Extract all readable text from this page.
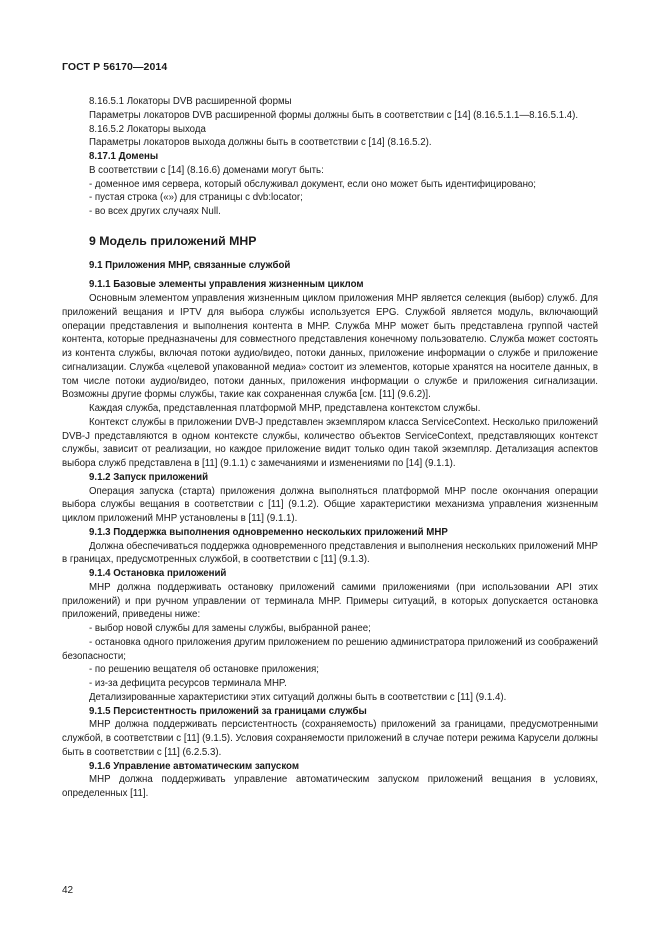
ГОСТ Р 56170—2014

8.16.5.1 Локаторы DVB расширенной формы

Параметры локаторов DVB расширенной формы должны быть в соответствии с [14] (8.16.5.1.1—8.16.5.1.4).

8.16.5.2 Локаторы выхода

Параметры локаторов выхода должны быть в соответствии с [14] (8.16.5.2).

8.17.1 Домены

В соответствии с [14] (8.16.6) доменами могут быть:

- доменное имя сервера, который обслуживал документ, если оно может быть идентифицировано;

- пустая строка («») для страницы с dvb:locator;

- во всех других случаях Null.

9 Модель приложений MHP

9.1 Приложения MHP, связанные службой

9.1.1 Базовые элементы управления жизненным циклом

Основным элементом управления жизненным циклом приложения MHP является селекция (выбор) служб. Для приложений вещания и IPTV для выбора службы используется EPG. Службой является модуль, включающий операции представления и выполнения контента в MHP. Служба MHP может быть представлена группой частей контента, которые предназначены для совместного представления конечному пользователю. Служба может состоять из контента службы, включая потоки аудио/видео, потоки данных, приложение информации о службе и приложение сигнализации. Служба «целевой упакованной медиа» состоит из элементов, которые хранятся на носителе данных, в том числе потоки аудио/видео, потоки данных, приложения информации о службе и приложения сигнализации. Возможны другие формы службы, такие как сохраненная служба [см. [11] (9.6.2)].

Каждая служба, представленная платформой MHP, представлена контекстом службы.

Контекст службы в приложении DVB-J представлен экземпляром класса ServiceContext. Несколько приложений DVB-J представляются в одном контексте службы, количество объектов ServiceContext, представляющих контекст службы, зависит от реализации, но каждое приложение видит только один такой экземпляр. Детализация аспектов выбора служб представлена в [11] (9.1.1) с замечаниями и изменениями по [14] (9.1.1).

9.1.2 Запуск приложений

Операция запуска (старта) приложения должна выполняться платформой MHP после окончания операции выбора службы вещания в соответствии с [11] (9.1.2). Общие характеристики механизма управления жизненным циклом приложений MHP установлены в [11] (9.1.1).

9.1.3 Поддержка выполнения одновременно нескольких приложений MHP

Должна обеспечиваться поддержка одновременного представления и выполнения нескольких приложений MHP в границах, предусмотренных службой, в соответствии с [11] (9.1.3).

9.1.4 Остановка приложений

MHP должна поддерживать остановку приложений самими приложениями (при использовании API этих приложений) и при ручном управлении от терминала MHP. Примеры ситуаций, в которых допускается остановка приложений, приведены ниже:

- выбор новой службы для замены службы, выбранной ранее;

- остановка одного приложения другим приложением по решению администратора приложений из соображений безопасности;

- по решению вещателя об остановке приложения;

- из-за дефицита ресурсов терминала MHP.

Детализированные характеристики этих ситуаций должны быть в соответствии с [11] (9.1.4).

9.1.5 Персистентность приложений за границами службы

MHP должна поддерживать персистентность (сохраняемость) приложений за границами, предусмотренными службой, в соответствии с [11] (9.1.5). Условия сохраняемости приложений в случае потери режима Карусели должны быть в соответствии с [11] (6.2.5.3).

9.1.6 Управление автоматическим запуском

MHP должна поддерживать управление автоматическим запуском приложений вещания в условиях, определенных [11].

42
